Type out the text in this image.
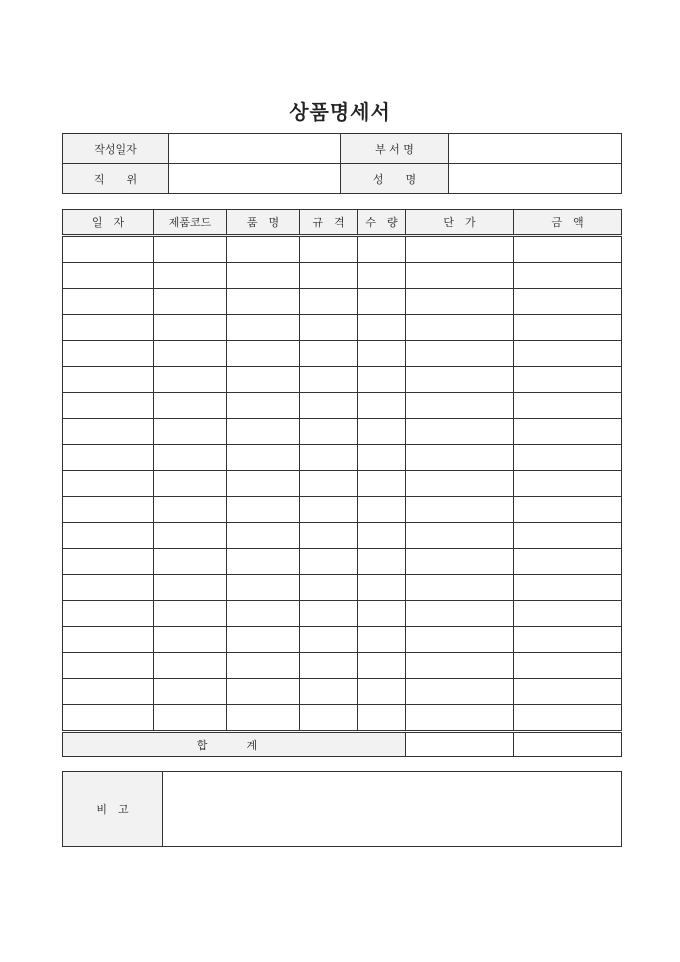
상품명세서
작성일자		부 서 명	
직　　위		성　　명	
일　자	제품코드	품　명	규　격	수　량	단　가	금　액

합　계						
비　고	
